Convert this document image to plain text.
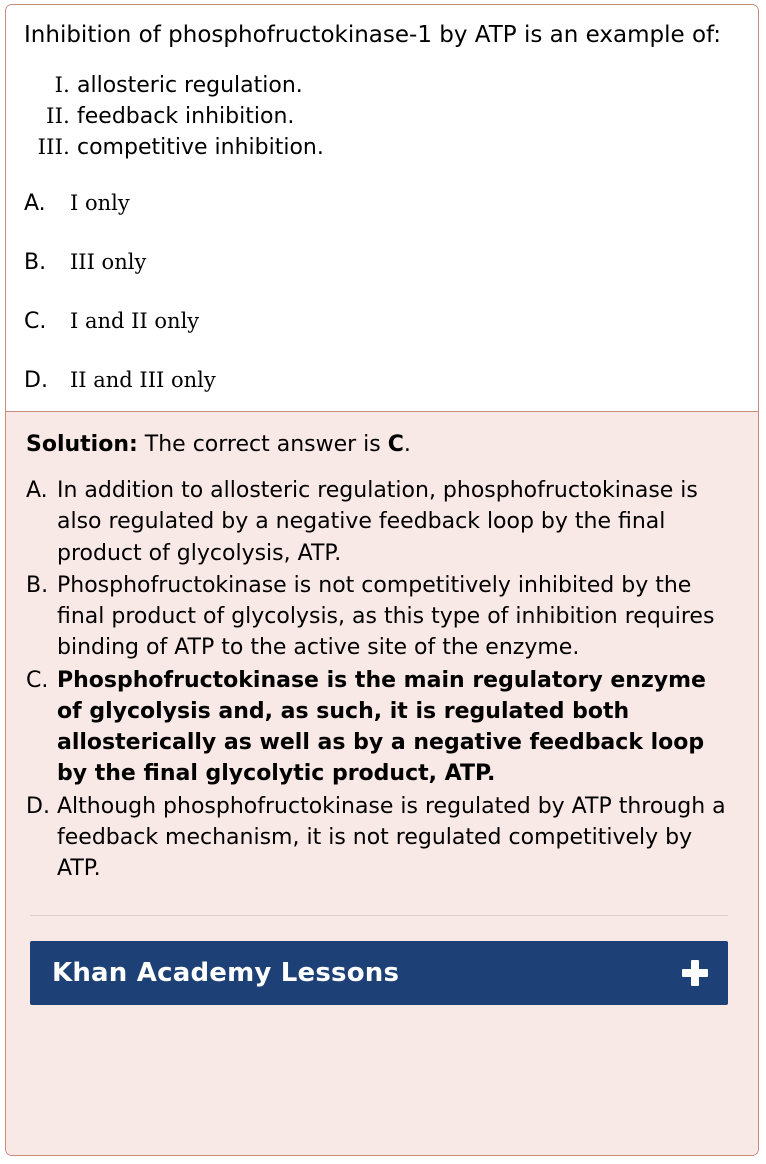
Inhibition of phosphofructokinase-1 by ATP is an example of:

I. allosteric regulation.
II. feedback inhibition.
III. competitive inhibition.
A.	I only
B.	III only
C.	I and II only
D.	II and III only

Solution: The correct answer is C.

A. In addition to allosteric regulation, phosphofructokinase is also regulated by a negative feedback loop by the final product of glycolysis, ATP.
B. Phosphofructokinase is not competitively inhibited by the final product of glycolysis, as this type of inhibition requires binding of ATP to the active site of the enzyme.
C. Phosphofructokinase is the main regulatory enzyme of glycolysis and, as such, it is regulated both allosterically as well as by a negative feedback loop by the final glycolytic product, ATP.
D. Although phosphofructokinase is regulated by ATP through a feedback mechanism, it is not regulated competitively by ATP.
Khan Academy Lessons
